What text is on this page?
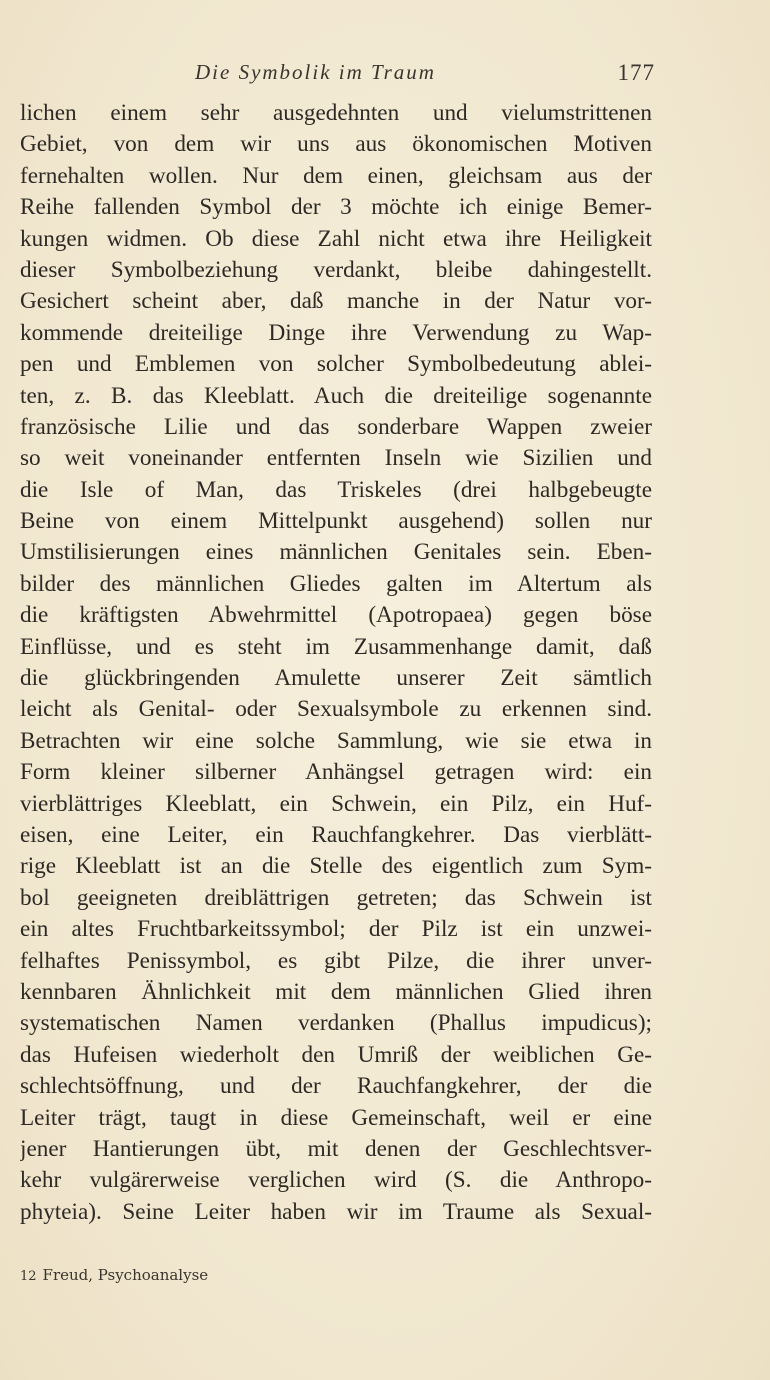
Die Symbolik im Traum	177
lichen einem sehr ausgedehnten und vielumstrittenen
Gebiet, von dem wir uns aus ökonomischen Motiven
fernehalten wollen. Nur dem einen, gleichsam aus der
Reihe fallenden Symbol der 3 möchte ich einige Bemer-
kungen widmen. Ob diese Zahl nicht etwa ihre Heiligkeit
dieser Symbolbeziehung verdankt, bleibe dahingestellt.
Gesichert scheint aber, daß manche in der Natur vor-
kommende dreiteilige Dinge ihre Verwendung zu Wap-
pen und Emblemen von solcher Symbolbedeutung ablei-
ten, z. B. das Kleeblatt. Auch die dreiteilige sogenannte
französische Lilie und das sonderbare Wappen zweier
so weit voneinander entfernten Inseln wie Sizilien und
die Isle of Man, das Triskeles (drei halbgebeugte
Beine von einem Mittelpunkt ausgehend) sollen nur
Umstilisierungen eines männlichen Genitales sein. Eben-
bilder des männlichen Gliedes galten im Altertum als
die kräftigsten Abwehrmittel (Apotropaea) gegen böse
Einflüsse, und es steht im Zusammenhange damit, daß
die glückbringenden Amulette unserer Zeit sämtlich
leicht als Genital- oder Sexualsymbole zu erkennen sind.
Betrachten wir eine solche Sammlung, wie sie etwa in
Form kleiner silberner Anhängsel getragen wird: ein
vierblättriges Kleeblatt, ein Schwein, ein Pilz, ein Huf-
eisen, eine Leiter, ein Rauchfangkehrer. Das vierblätt-
rige Kleeblatt ist an die Stelle des eigentlich zum Sym-
bol geeigneten dreiblättrigen getreten; das Schwein ist
ein altes Fruchtbarkeitssymbol; der Pilz ist ein unzwei-
felhaftes Penissymbol, es gibt Pilze, die ihrer unver-
kennbaren Ähnlichkeit mit dem männlichen Glied ihren
systematischen Namen verdanken (Phallus impudicus);
das Hufeisen wiederholt den Umriß der weiblichen Ge-
schlechtsöffnung, und der Rauchfangkehrer, der die
Leiter trägt, taugt in diese Gemeinschaft, weil er eine
jener Hantierungen übt, mit denen der Geschlechtsver-
kehr vulgärerweise verglichen wird (S. die Anthropo-
phyteia). Seine Leiter haben wir im Traume als Sexual-
12 Freud, Psychoanalyse
